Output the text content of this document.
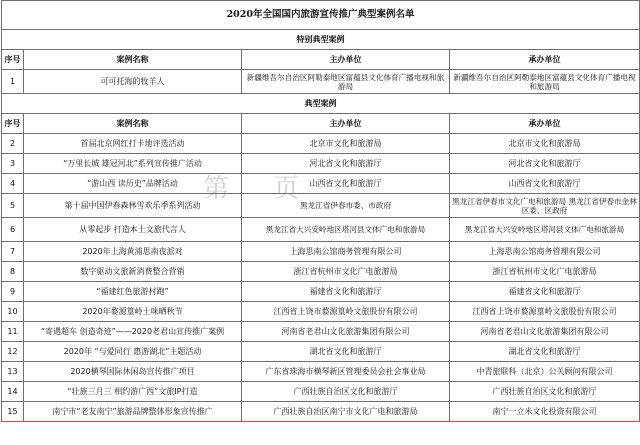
2020年全国国内旅游宣传推广典型案例名单			
特别典型案例			
序号	案例名称	主办单位	承办单位
1	可可托海的牧羊人	新疆维吾尔自治区阿勒泰地区富蕴县文化体育广播电视和旅游局	新疆维吾尔自治区阿勒泰地区富蕴县文化体育广播电视和旅游局
典型案例			
序号	案例名称	主办单位	承办单位
2	首届北京网红打卡地评选活动	北京市文化和旅游局	北京市文化和旅游局
3	“万里长城 雄冠河北”系列宣传推广活动	河北省文化和旅游厅	河北省文化和旅游厅
4	“游山西 读历史”品牌活动	山西省文化和旅游厅	山西省文化和旅游厅
5	第十届中国伊春森林雪欢乐季系列活动	黑龙江省伊春市委、市政府	黑龙江省伊春市文化广电和旅游局 黑龙江省伊春市金林区委、区政府
6	从零起步 打造本土文旅代言人	黑龙江省大兴安岭地区塔河县文体广电和旅游局	黑龙江省大兴安岭地区塔河县文体广电和旅游局
7	2020年上海黄浦思南夜派对	上海思南公馆商务管理有限公司	上海思南公馆商务管理有限公司
8	数字驱动文旅新消费整合营销	浙江省杭州市文化广电旅游局	浙江省杭州市文化广电旅游局
9	“福建红色旅游村跑”	福建省文化和旅游厅	福建省文化和旅游厅
10	2020年婺源篁岭土味晒秋节	江西省上饶市婺源篁岭文旅股份有限公司	江西省上饶市婺源篁岭文旅股份有限公司
11	“寄遇超车 创造奇迹”——2020老君山宣传推广案例	河南省老君山文化旅游集团有限公司	河南省老君山文化旅游集团有限公司
12	2020年 “与爱同行 惠游湖北”主题活动	湖北省文化和旅游厅	湖北省文化和旅游厅
13	2020横琴国际休闲岛宣传推广项目	广东省珠海市横琴新区管理委员会社会事业局	中青旅联科（北京）公关顾问有限公司
14	“壮族三月三 相约游广西”文旅IP打造	广西壮族自治区文化和旅游厅	广西壮族自治区文化和旅游厅
15	南宁市“老友南宁”旅游品牌整体形象宣传推广	广西壮族自治区南宁市文化广电和旅游局	南宁一立米文化投资有限公司
第 页
